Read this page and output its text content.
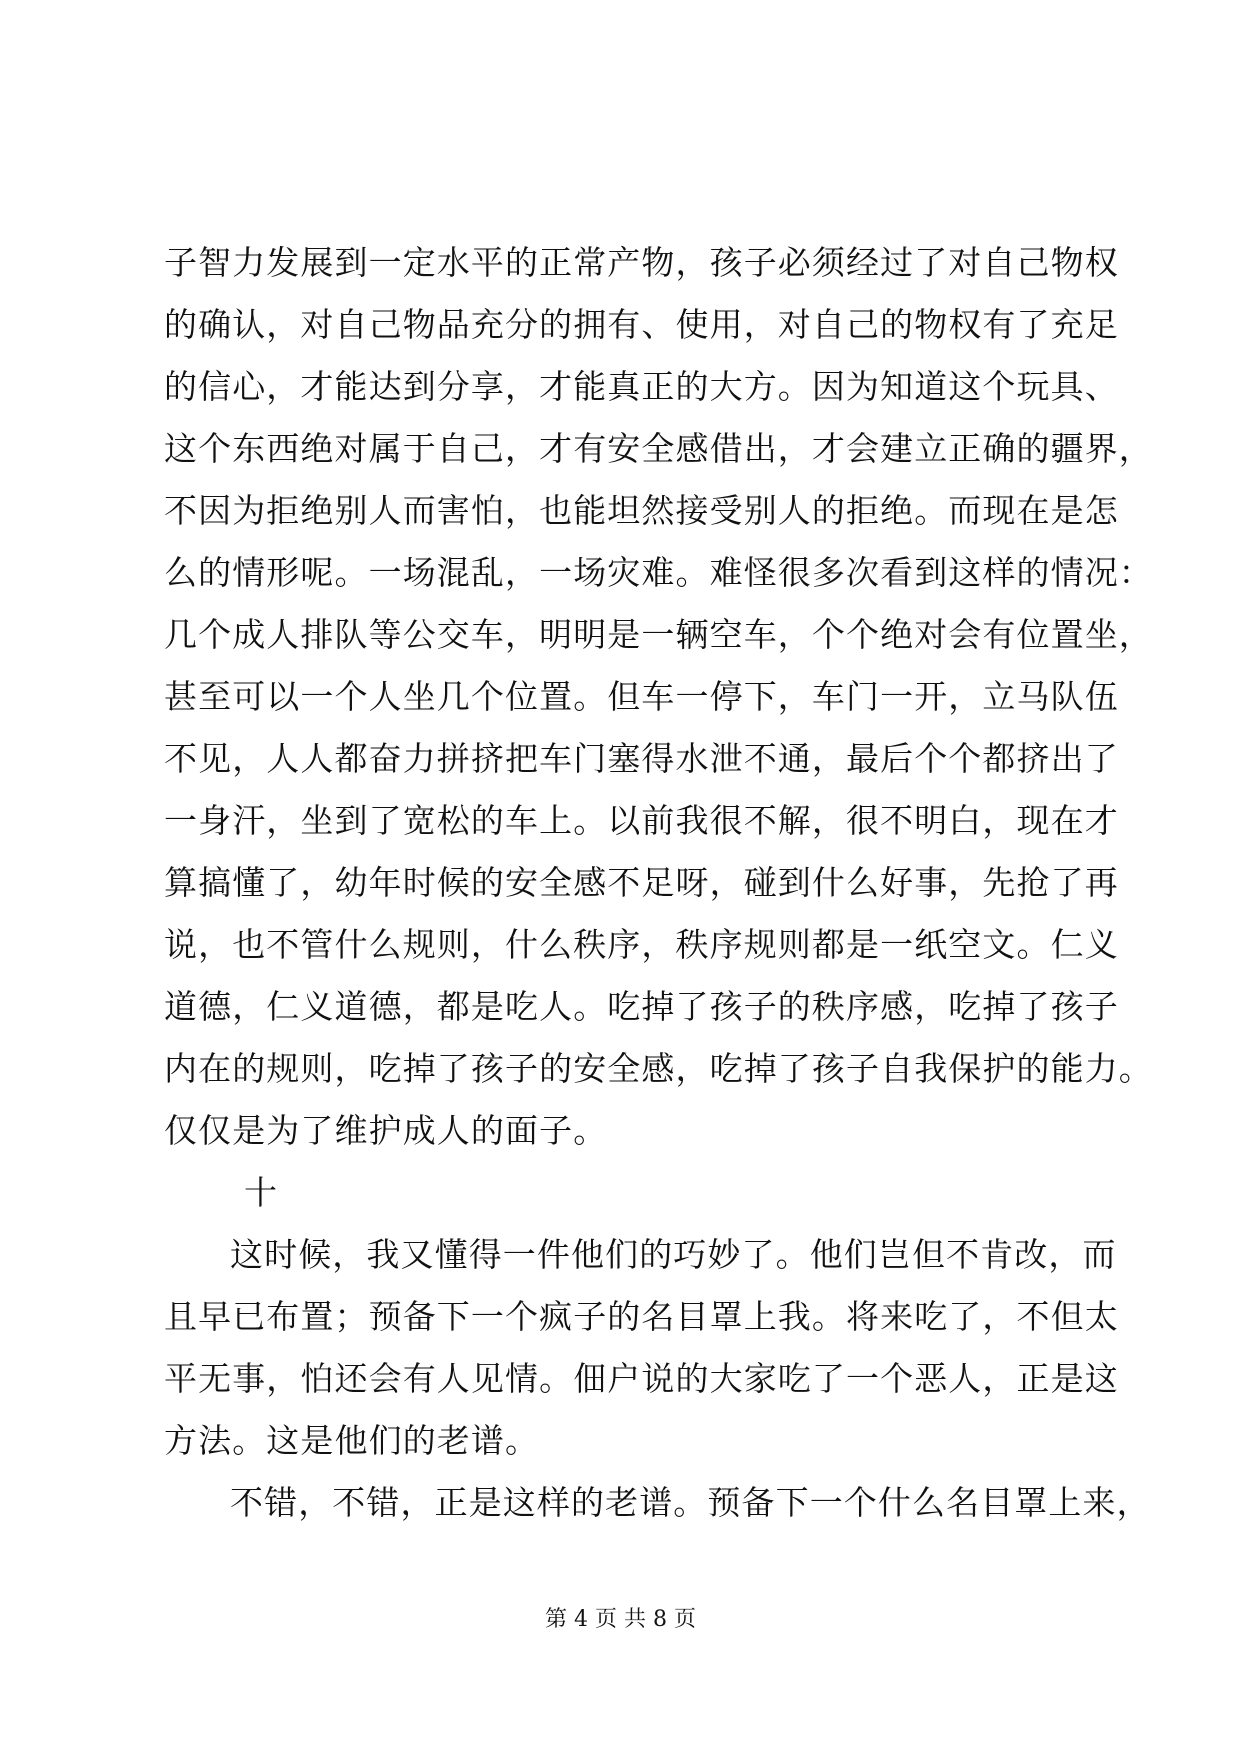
子智力发展到一定水平的正常产物，孩子必须经过了对自己物权
的确认，对自己物品充分的拥有、使用，对自己的物权有了充足
的信心，才能达到分享，才能真正的大方。因为知道这个玩具、
这个东西绝对属于自己，才有安全感借出，才会建立正确的疆界，
不因为拒绝别人而害怕，也能坦然接受别人的拒绝。而现在是怎
么的情形呢。一场混乱，一场灾难。难怪很多次看到这样的情况：
几个成人排队等公交车，明明是一辆空车，个个绝对会有位置坐，
甚至可以一个人坐几个位置。但车一停下，车门一开，立马队伍
不见，人人都奋力拼挤把车门塞得水泄不通，最后个个都挤出了
一身汗，坐到了宽松的车上。以前我很不解，很不明白，现在才
算搞懂了，幼年时候的安全感不足呀，碰到什么好事，先抢了再
说，也不管什么规则，什么秩序，秩序规则都是一纸空文。仁义
道德，仁义道德，都是吃人。吃掉了孩子的秩序感，吃掉了孩子
内在的规则，吃掉了孩子的安全感，吃掉了孩子自我保护的能力。
仅仅是为了维护成人的面子。
十
这时候，我又懂得一件他们的巧妙了。他们岂但不肯改，而
且早已布置；预备下一个疯子的名目罩上我。将来吃了，不但太
平无事，怕还会有人见情。佃户说的大家吃了一个恶人，正是这
方法。这是他们的老谱。
不错，不错，正是这样的老谱。预备下一个什么名目罩上来，
第 4 页 共 8 页
